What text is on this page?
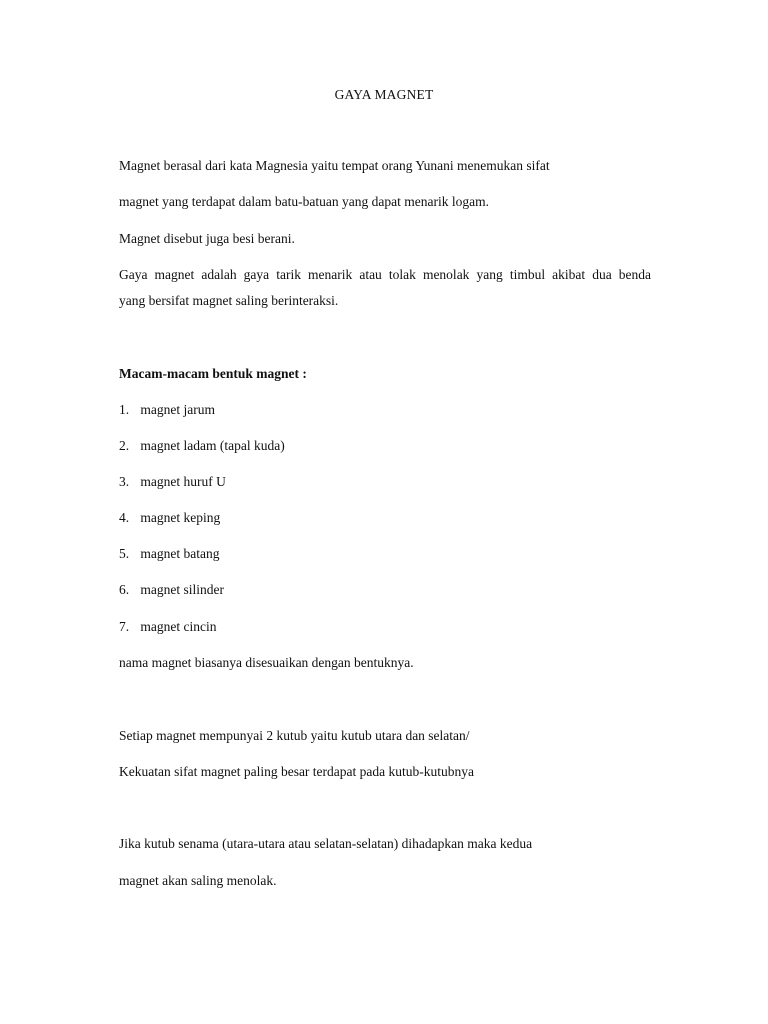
GAYA MAGNET
Magnet berasal dari kata Magnesia yaitu tempat orang Yunani menemukan sifat
magnet yang terdapat dalam batu-batuan yang dapat menarik logam.
Magnet disebut juga besi berani.
Gaya magnet adalah gaya tarik menarik atau tolak menolak yang timbul akibat dua benda
yang bersifat magnet saling berinteraksi.
Macam-macam bentuk magnet :
1. magnet jarum
2. magnet ladam (tapal kuda)
3. magnet huruf U
4. magnet keping
5. magnet batang
6. magnet silinder
7. magnet cincin
nama magnet biasanya disesuaikan dengan bentuknya.
Setiap magnet mempunyai 2 kutub yaitu kutub utara dan selatan/
Kekuatan sifat magnet paling besar terdapat pada kutub-kutubnya
Jika kutub senama (utara-utara atau selatan-selatan) dihadapkan maka kedua
magnet akan saling menolak.
